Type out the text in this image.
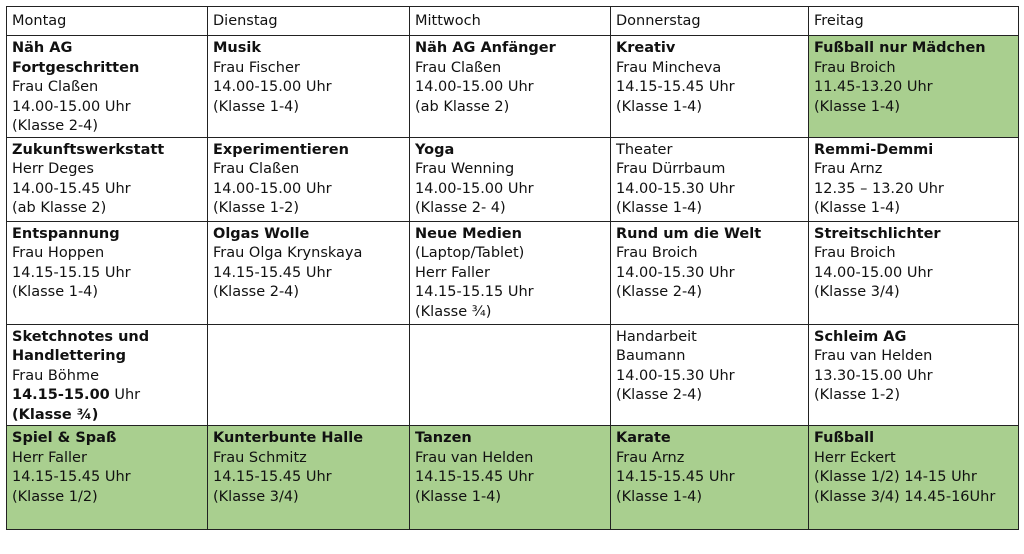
Montag	Dienstag	Mittwoch	Donnerstag	Freitag

Näh AG Fortgeschritten
Frau Claßen
14.00-15.00 Uhr
(Klasse 2-4)	Musik
Frau Fischer
14.00-15.00 Uhr
(Klasse 1-4)	Näh AG Anfänger
Frau Claßen
14.00-15.00 Uhr
(ab Klasse 2)	Kreativ
Frau Mincheva
14.15-15.45 Uhr
(Klasse 1-4)	Fußball nur Mädchen
Frau Broich
11.45-13.20 Uhr
(Klasse 1-4)

Zukunftswerkstatt
Herr Deges
14.00-15.45 Uhr
(ab Klasse 2)	Experimentieren
Frau Claßen
14.00-15.00 Uhr
(Klasse 1-2)	Yoga
Frau Wenning
14.00-15.00 Uhr
(Klasse 2- 4)	Theater
Frau Dürrbaum
14.00-15.30 Uhr
(Klasse 1-4)	Remmi-Demmi
Frau Arnz
12.35 – 13.20 Uhr
(Klasse 1-4)

Entspannung
Frau Hoppen
14.15-15.15 Uhr
(Klasse 1-4)	Olgas Wolle
Frau Olga Krynskaya
14.15-15.45 Uhr
(Klasse 2-4)	Neue Medien
(Laptop/Tablet)
Herr Faller
14.15-15.15 Uhr
(Klasse ¾)	Rund um die Welt
Frau Broich
14.00-15.30 Uhr
(Klasse 2-4)	Streitschlichter
Frau Broich
14.00-15.00 Uhr
(Klasse 3/4)

Sketchnotes und Handlettering
Frau Böhme
14.15-15.00 Uhr
(Klasse ¾)			Handarbeit
Baumann
14.00-15.30 Uhr
(Klasse 2-4)	Schleim AG
Frau van Helden
13.30-15.00 Uhr
(Klasse 1-2)

Spiel & Spaß
Herr Faller
14.15-15.45 Uhr
(Klasse 1/2)	Kunterbunte Halle
Frau Schmitz
14.15-15.45 Uhr
(Klasse 3/4)	Tanzen
Frau van Helden
14.15-15.45 Uhr
(Klasse 1-4)	Karate
Frau Arnz
14.15-15.45 Uhr
(Klasse 1-4)	Fußball
Herr Eckert
(Klasse 1/2) 14-15 Uhr
(Klasse 3/4) 14.45-16Uhr
